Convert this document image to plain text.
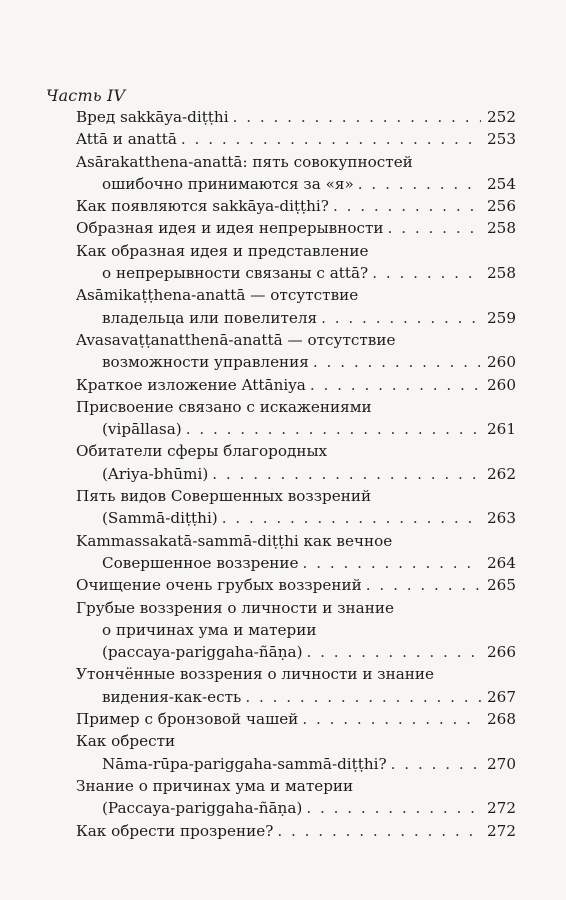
Часть IV
Вред sakkāya-diṭṭhi . . .	252
Attā и anattā . . .	253
Asārakatthena-anattā: пять совокупностей
ошибочно принимаются за «я» . . .	254
Как появляются sakkāya-diṭṭhi? . . .	256
Образная идея и идея непрерывности . . .	258
Как образная идея и представление
о непрерывности связаны с attā? . . .	258
Asāmikaṭṭhena-anattā — отсутствие
владельца или повелителя . . .	259
Avasavaṭṭanatthenā-anattā — отсутствие
возможности управления . . .	260
Краткое изложение Attāniya . . .	260
Присвоение связано с искажениями
(vipāllasa) . . .	261
Обитатели сферы благородных
(Ariya-bhūmi) . . .	262
Пять видов Совершенных воззрений
(Sammā-diṭṭhi) . . .	263
Kammassakatā-sammā-diṭṭhi как вечное
Совершенное воззрение . . .	264
Очищение очень грубых воззрений . . .	265
Грубые воззрения о личности и знание
о причинах ума и материи
(paccaya-pariggaha-ñāṇa) . . .	266
Утончённые воззрения о личности и знание
видения-как-есть . . .	267
Пример с бронзовой чашей . . .	268
Как обрести
Nāma-rūpa-pariggaha-sammā-diṭṭhi? . . .	270
Знание о причинах ума и материи
(Paccaya-pariggaha-ñāṇa) . . .	272
Как обрести прозрение? . . .	272
